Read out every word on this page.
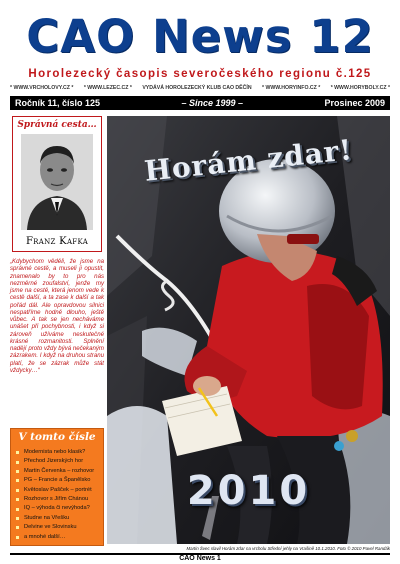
CAO News 12
Horolezecký časopis severočeského regionu č.125
* WWW.VRCHOLOVY.CZ * * WWW.LEZEC.CZ * VYDÁVÁ HOROLEZECKÝ KLUB CAO DĚČÍN * WWW.HORYINFO.CZ * * WWW.HORYBOLY.CZ *
Ročník 11, číslo 125	– Since 1999 –	Prosinec 2009
Správná cesta…
Franz Kafka
„Kdybychom věděli, že jsme na správné cestě, a museli ji opustit, znamenalo by to pro nás nezměrné zoufalství, jenže my jsme na cestě, která jenom vede k cestě další, a ta zase k další a tak pořád dál. Ale opravdovou silnici nespatříme hodně dlouho, ještě vůbec. A tak se jen necháváme unášet při pochybnosti, i když si zároveň užíváme neskutečné krásné rozmanitosti. Splnění nadějí proto vždy bývá nečekaným zázrakem. I když na druhou stranu platí, že se zázrak může stát vždycky…“
V tomto čísle
Modernista nebo klasik?
Přechod Jizerských hor
Martin Červenka – rozhovor
PG – Francie a Španělsko
Květoslav Pašček – portrét
Rozhovor s Jiřím Chánou
IQ – výhoda či nevýhoda?
Studne na Vřešku
Delvine ve Slovinsku
a mnohé další…
Horám zdar!
2010
Martin Švec slavil Horám zdar na vrcholu Střední jehly na Vrašině 10.1.2010. Foto © 2010 Pavel Randák
CAO News 1
